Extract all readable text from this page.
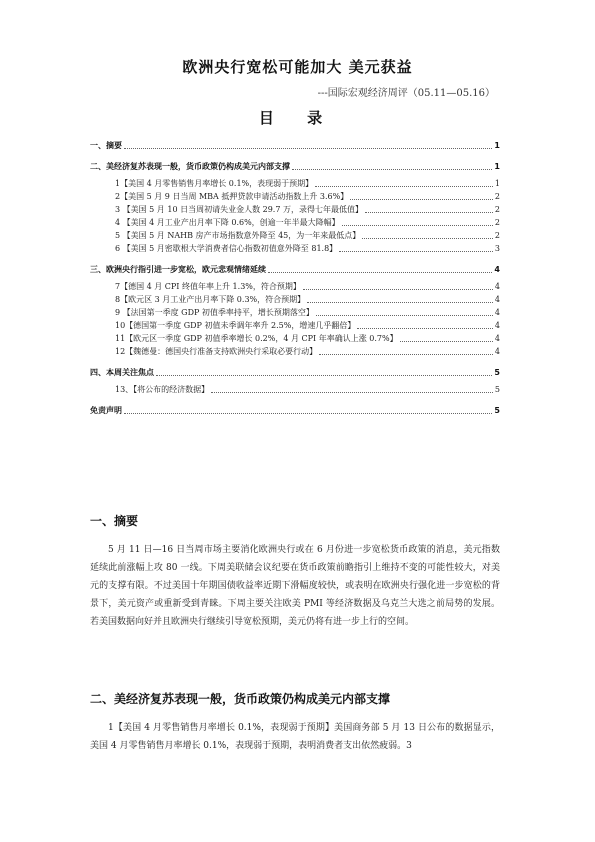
欧洲央行宽松可能加大 美元获益
---国际宏观经济周评（05.11—05.16）
目 录
一、摘要	1
二、美经济复苏表现一般，货币政策仍构成美元内部支撑	1
1【美国 4 月零售销售月率增长 0.1%，表现弱于预期】	1
2【美国 5 月 9 日当周 MBA 抵押贷款申请活动指数上升 3.6%】	2
3 【美国 5 月 10 日当周初请失业金人数 29.7 万，录得七年最低值】	2
4 【美国 4 月工业产出月率下降 0.6%，创逾一年半最大降幅】	2
5 【美国 5 月 NAHB 房产市场指数意外降至 45，为一年来最低点】	2
6 【美国 5 月密歇根大学消费者信心指数初值意外降至 81.8】	3
三、欧洲央行指引进一步宽松，欧元悲观情绪延续	4
7【德国 4 月 CPI 终值年率上升 1.3%，符合预期】	4
8【欧元区 3 月工业产出月率下降 0.3%，符合预期】	4
9 【法国第一季度 GDP 初值季率持平，增长预期落空】	4
10【德国第一季度 GDP 初值未季调年率升 2.5%，增速几乎翻倍】	4
11【欧元区一季度 GDP 初值季率增长 0.2%，4 月 CPI 年率确认上涨 0.7%】	4
12【魏德曼：德国央行准备支持欧洲央行采取必要行动】	4
四、本周关注焦点	5
13、【将公布的经济数据】	5
免责声明	5
一、摘要
5 月 11 日—16 日当周市场主要消化欧洲央行或在 6 月份进一步宽松货币政策的消息，美元指数延续此前涨幅上攻 80 一线。下周美联储会议纪要在货币政策前瞻指引上维持不变的可能性较大，对美元的支撑有限。不过美国十年期国债收益率近期下滑幅度较快，或表明在欧洲央行强化进一步宽松的背景下，美元资产或重新受到青睐。下周主要关注欧美 PMI 等经济数据及乌克兰大选之前局势的发展。若美国数据向好并且欧洲央行继续引导宽松预期，美元仍将有进一步上行的空间。
二、美经济复苏表现一般，货币政策仍构成美元内部支撑
1【美国 4 月零售销售月率增长 0.1%，表现弱于预期】美国商务部 5 月 13 日公布的数据显示，美国 4 月零售销售月率增长 0.1%，表现弱于预期，表明消费者支出依然疲弱。3
